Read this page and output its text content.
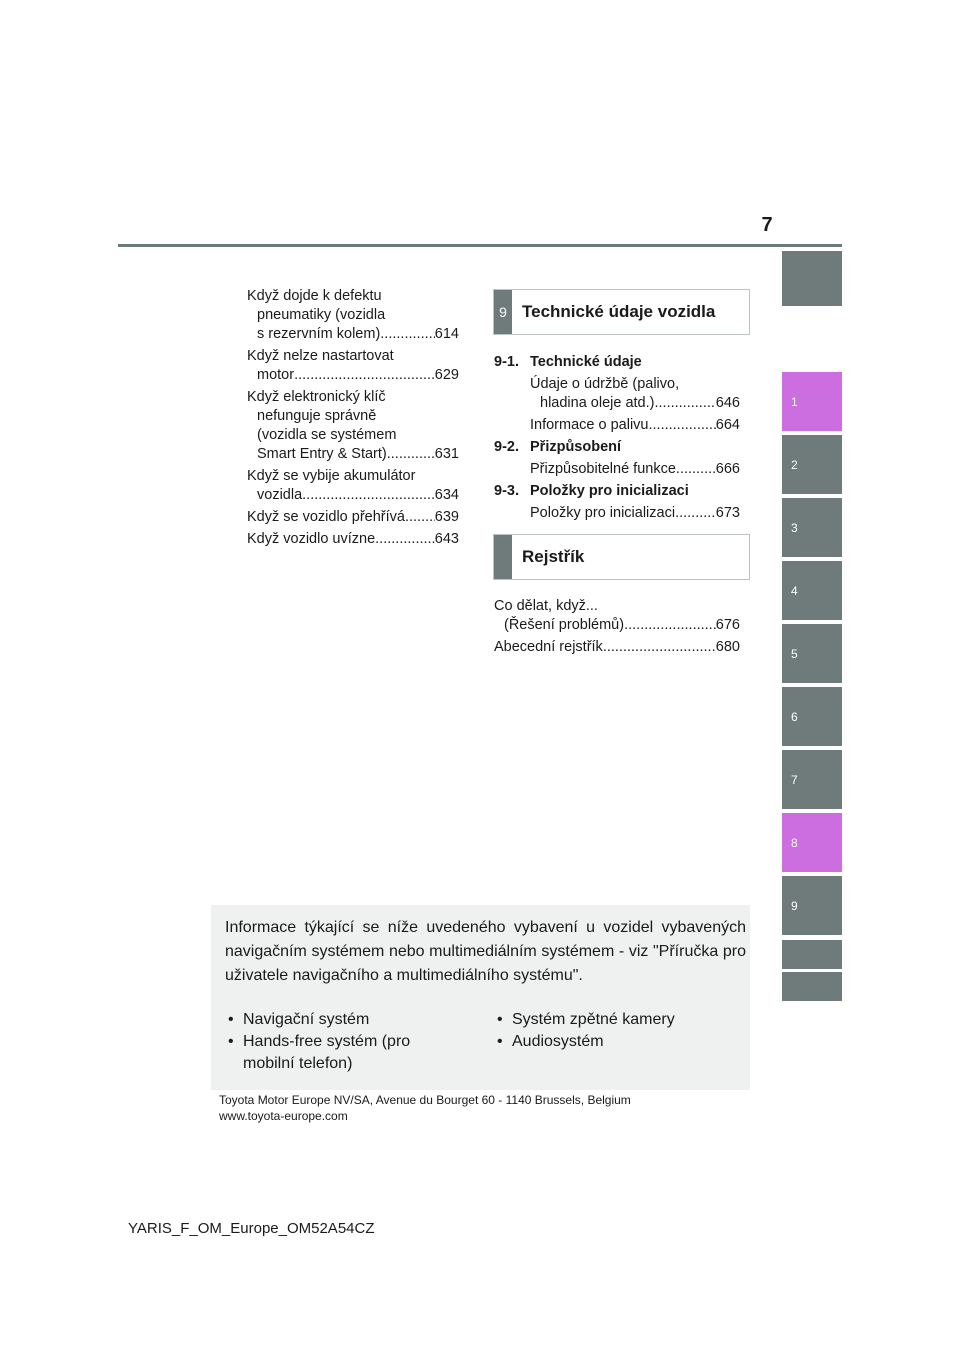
7
1
2
3
4
5
6
7
8
9
Když dojde k defektu
pneumatiky (vozidla
s rezervním kolem) .....	614
Když nelze nastartovat
motor .....	629
Když elektronický klíč
nefunguje správně
(vozidla se systémem
Smart Entry & Start) .....	631
Když se vybije akumulátor
vozidla .....	634
Když se vozidlo přehřívá ..... 639
Když vozidlo uvízne .....	643
9 Technické údaje vozidla
9-1. Technické údaje
Údaje o údržbě (palivo,
hladina oleje atd.) .....	646
Informace o palivu .....	664
9-2. Přizpůsobení
Přizpůsobitelné funkce .....	666
9-3. Položky pro inicializaci
Položky pro inicializaci .....	673
Rejstřík
Co dělat, když...
(Řešení problémů) .....	676
Abecední rejstřík .....	680
Informace týkající se níže uvedeného vybavení u vozidel vybavených navigačním systémem nebo multimediálním systémem - viz "Příručka pro uživatele navigačního a multimediálního systému".
• Navigační systém
• Hands-free systém (pro mobilní telefon)
• Systém zpětné kamery
• Audiosystém
Toyota Motor Europe NV/SA, Avenue du Bourget 60 - 1140 Brussels, Belgium
www.toyota-europe.com
YARIS_F_OM_Europe_OM52A54CZ
